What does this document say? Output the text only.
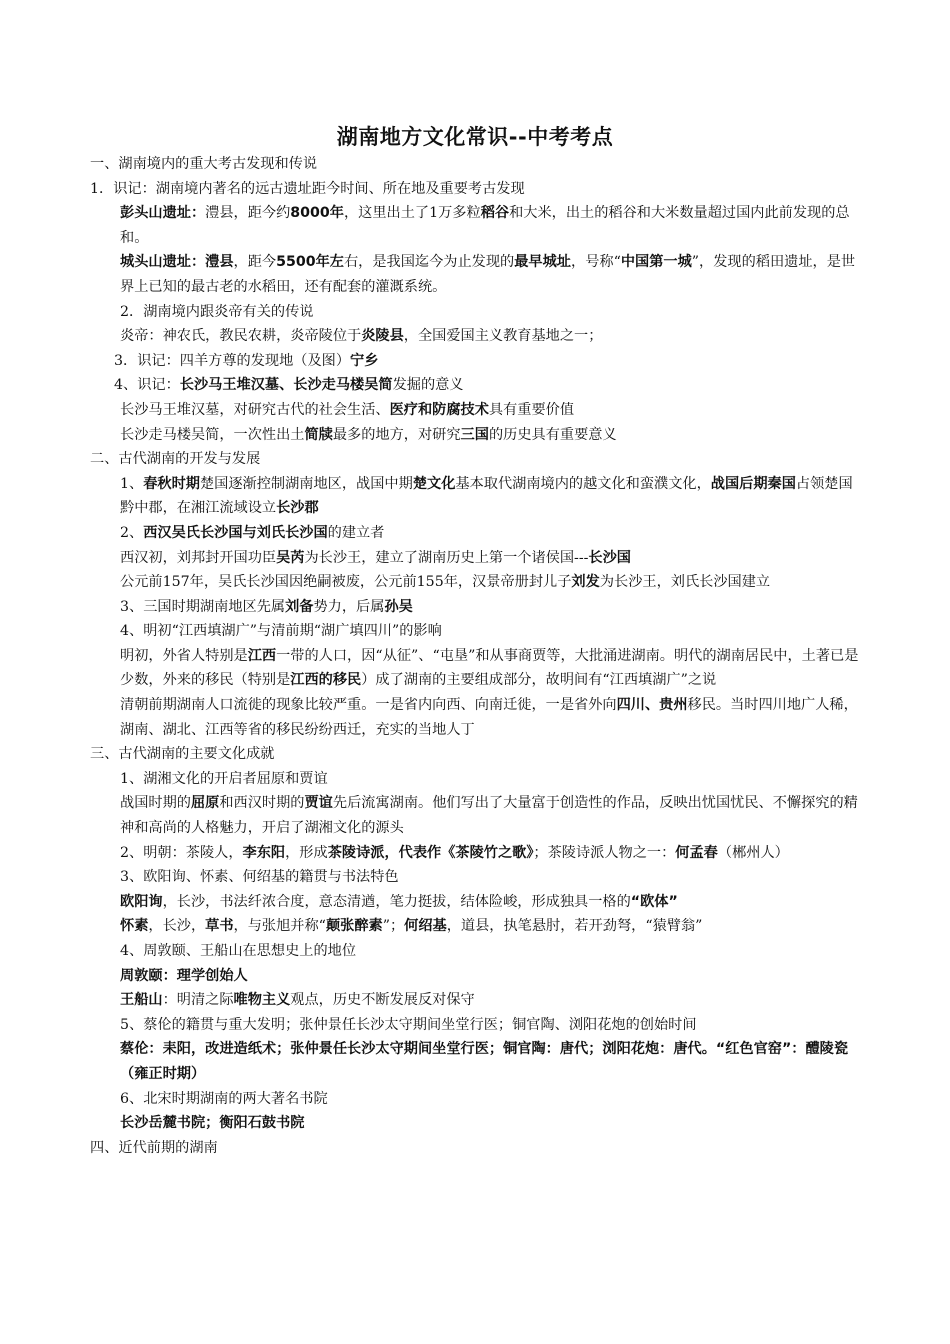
湖南地方文化常识--中考考点
一、湖南境内的重大考古发现和传说
1．识记：湖南境内著名的远古遗址距今时间、所在地及重要考古发现
彭头山遗址：澧县，距今约8000年，这里出土了1万多粒稻谷和大米，出土的稻谷和大米数量超过国内此前发现的总和。
城头山遗址：澧县，距今5500年左右，是我国迄今为止发现的最早城址，号称“中国第一城”，发现的稻田遗址，是世界上已知的最古老的水稻田，还有配套的灌溉系统。
2．湖南境内跟炎帝有关的传说
炎帝：神农氏，教民农耕，炎帝陵位于炎陵县，全国爱国主义教育基地之一；
3．识记：四羊方尊的发现地（及图）宁乡
4、识记：长沙马王堆汉墓、长沙走马楼吴简发掘的意义
长沙马王堆汉墓，对研究古代的社会生活、医疗和防腐技术具有重要价值
长沙走马楼吴简，一次性出土简牍最多的地方，对研究三国的历史具有重要意义
二、古代湖南的开发与发展
1、春秋时期楚国逐渐控制湖南地区，战国中期楚文化基本取代湖南境内的越文化和蛮濮文化，战国后期秦国占领楚国黔中郡，在湘江流域设立长沙郡
2、西汉吴氏长沙国与刘氏长沙国的建立者
西汉初，刘邦封开国功臣吴芮为长沙王，建立了湖南历史上第一个诸侯国---长沙国
公元前157年，吴氏长沙国因绝嗣被废，公元前155年，汉景帝册封儿子刘发为长沙王，刘氏长沙国建立
3、三国时期湖南地区先属刘备势力，后属孙吴
4、明初“江西填湖广”与清前期“湖广填四川”的影响
明初，外省人特别是江西一带的人口，因“从征”、“屯垦”和从事商贾等，大批涌进湖南。明代的湖南居民中，土著已是少数，外来的移民（特别是江西的移民）成了湖南的主要组成部分，故明间有“江西填湖广”之说
清朝前期湖南人口流徙的现象比较严重。一是省内向西、向南迁徙，一是省外向四川、贵州移民。当时四川地广人稀，湖南、湖北、江西等省的移民纷纷西迁，充实的当地人丁
三、古代湖南的主要文化成就
1、湖湘文化的开启者屈原和贾谊
战国时期的屈原和西汉时期的贾谊先后流寓湖南。他们写出了大量富于创造性的作品，反映出忧国忧民、不懈探究的精神和高尚的人格魅力，开启了湖湘文化的源头
2、明朝：茶陵人，李东阳，形成茶陵诗派，代表作《茶陵竹之歌》；茶陵诗派人物之一：何孟春（郴州人）
3、欧阳询、怀素、何绍基的籍贯与书法特色
欧阳询，长沙，书法纤浓合度，意态清遒，笔力挺拔，结体险峻，形成独具一格的“欧体”
怀素，长沙，草书，与张旭并称“颠张醉素”；何绍基，道县，执笔悬肘，若开劲弩，“猿臂翁”
4、周敦颐、王船山在思想史上的地位
周敦颐：理学创始人
王船山：明清之际唯物主义观点，历史不断发展反对保守
5、蔡伦的籍贯与重大发明；张仲景任长沙太守期间坐堂行医；铜官陶、浏阳花炮的创始时间
蔡伦：耒阳，改进造纸术；张仲景任长沙太守期间坐堂行医；铜官陶：唐代；浏阳花炮：唐代。“红色官窑”：醴陵瓷（雍正时期）
6、北宋时期湖南的两大著名书院
长沙岳麓书院；衡阳石鼓书院
四、近代前期的湖南
